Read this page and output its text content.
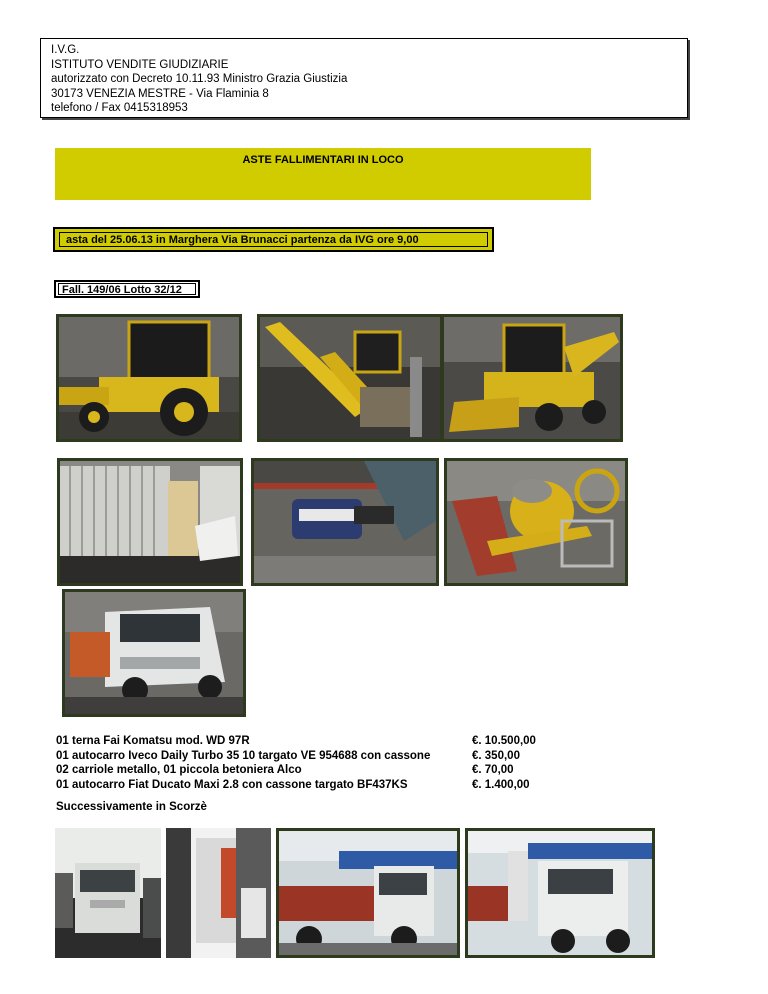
I.V.G.
ISTITUTO VENDITE GIUDIZIARIE
autorizzato con Decreto 10.11.93 Ministro Grazia Giustizia
30173 VENEZIA MESTRE - Via Flaminia 8
telefono / Fax 0415318953
ASTE FALLIMENTARI IN LOCO
asta del 25.06.13 in Marghera Via Brunacci partenza da IVG ore 9,00
Fall. 149/06 Lotto 32/12
01 terna Fai Komatsu mod. WD 97R	€. 10.500,00
01 autocarro Iveco Daily Turbo 35 10 targato VE 954688 con cassone	€. 350,00
02 carriole metallo, 01 piccola betoniera Alco	€. 70,00
01 autocarro Fiat Ducato Maxi 2.8 con cassone targato BF437KS	€. 1.400,00
Successivamente in Scorzè
